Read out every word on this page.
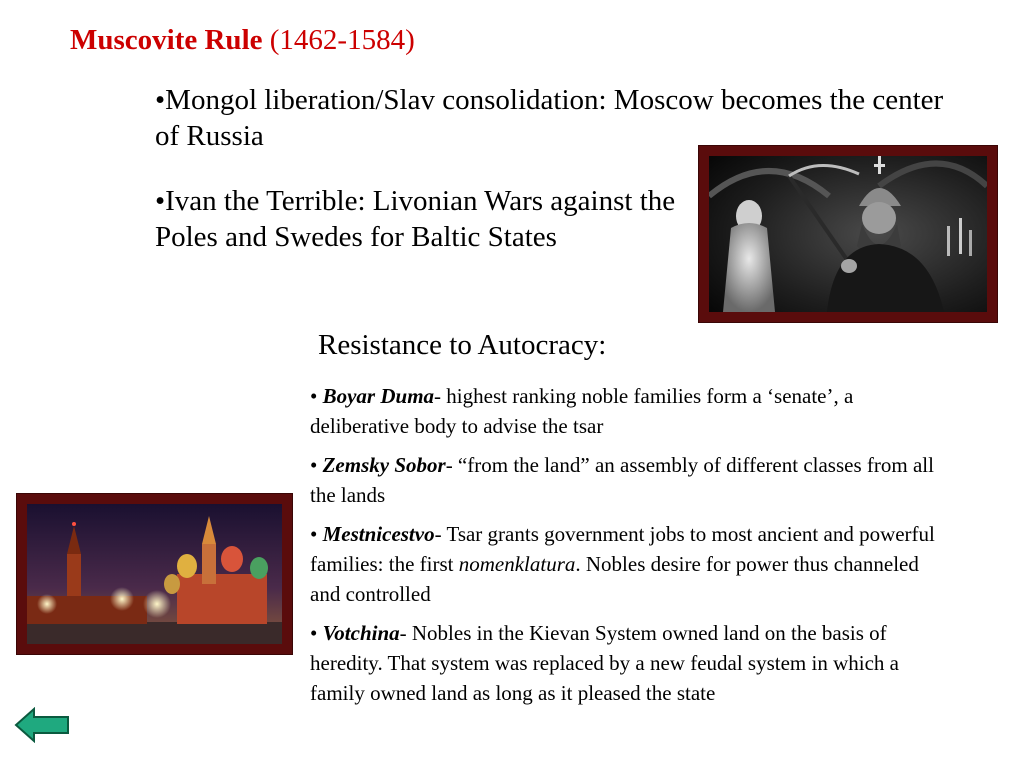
Muscovite Rule (1462-1584)
•Mongol liberation/Slav consolidation: Moscow becomes the center of Russia
•Ivan the Terrible: Livonian Wars against the Poles and Swedes for Baltic States
Resistance to Autocracy:

• Boyar Duma- highest ranking noble families form a ‘senate’, a deliberative body to advise the tsar

• Zemsky Sobor- “from the land” an assembly of different classes from all the lands

• Mestnicestvo- Tsar grants government jobs to most ancient and powerful families: the first nomenklatura. Nobles desire for power thus channeled and controlled

• Votchina- Nobles in the Kievan System owned land on the basis of heredity. That system was replaced by a new feudal system in which a family owned land as long as it pleased the state
